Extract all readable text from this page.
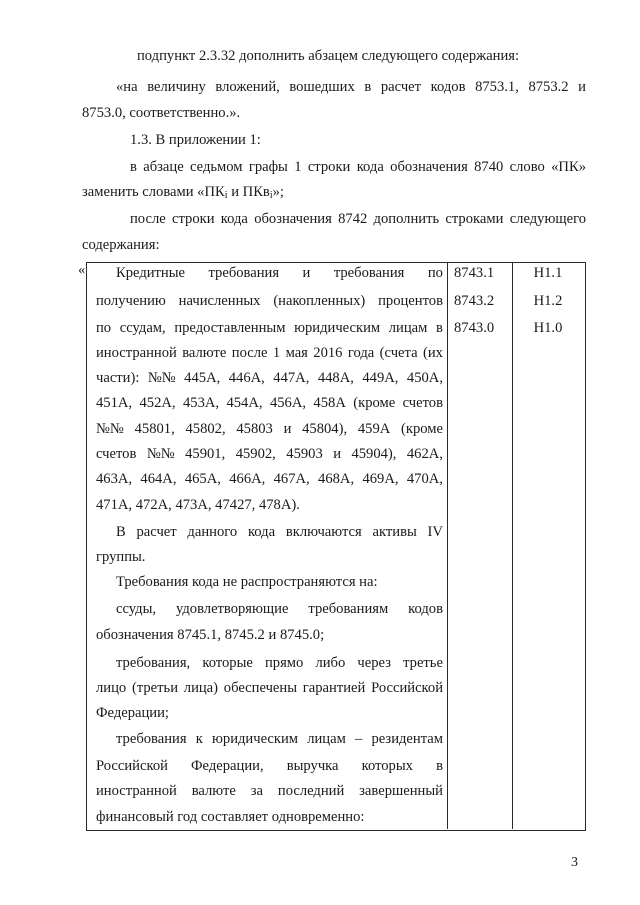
подпункт 2.3.32 дополнить абзацем следующего содержания:
«на величину вложений, вошедших в расчет кодов 8753.1, 8753.2 и
8753.0, соответственно.».
1.3. В приложении 1:
в абзаце седьмом графы 1 строки кода обозначения 8740 слово «ПК»
заменить словами «$ПК_i$ и ПКв$_i$»;
после строки кода обозначения 8742 дополнить строками следующего
содержания:
«	8743.1
8743.2
8743.0
Н1.1
Н1.2
Н1.0
Кредитные требования и требования по
получению начисленных (накопленных) процентов
по ссудам, предоставленным юридическим лицам в
иностранной валюте после 1 мая 2016 года (счета (их
части): №№ 445А, 446А, 447А, 448А, 449А, 450А,
451А, 452А, 453А, 454А, 456А, 458А (кроме счетов
№№ 45801, 45802, 45803 и 45804), 459А (кроме
счетов №№ 45901, 45902, 45903 и 45904), 462А,
463А, 464А, 465А, 466А, 467А, 468А, 469А, 470А,
471А, 472А, 473А, 47427, 478А).
В расчет данного кода включаются активы IV
группы.
Требования кода не распространяются на:
ссуды, удовлетворяющие требованиям кодов
обозначения 8745.1, 8745.2 и 8745.0;
требования, которые прямо либо через третье
лицо (третьи лица) обеспечены гарантией Российской
Федерации;
требования к юридическим лицам – резидентам
Российской Федерации, выручка которых в
иностранной валюте за последний завершенный
финансовый год составляет одновременно:
3
